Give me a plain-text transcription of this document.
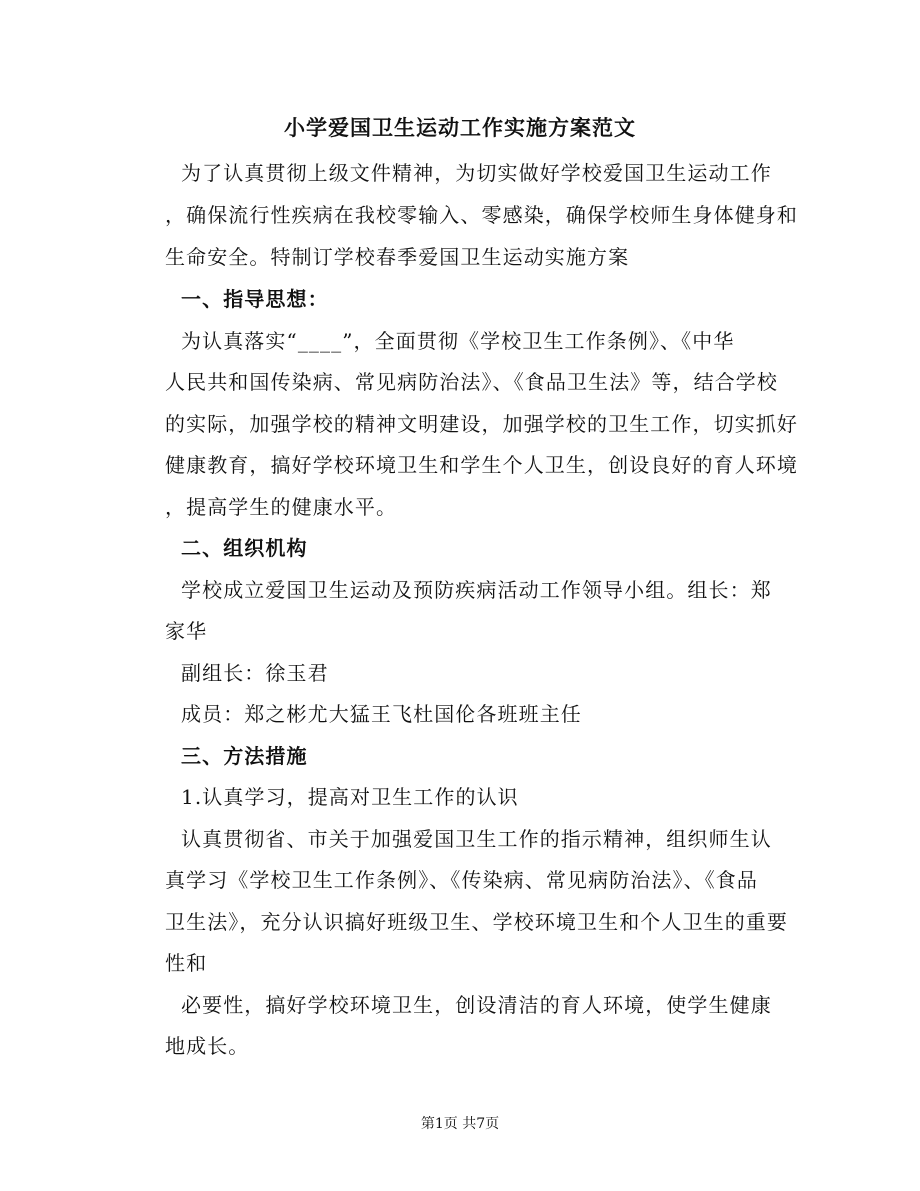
小学爱国卫生运动工作实施方案范文
为了认真贯彻上级文件精神，为切实做好学校爱国卫生运动工作
，确保流行性疾病在我校零输入、零感染，确保学校师生身体健身和
生命安全。特制订学校春季爱国卫生运动实施方案
一、指导思想：
为认真落实“____”，全面贯彻《学校卫生工作条例》、《中华
人民共和国传染病、常见病防治法》、《食品卫生法》等，结合学校
的实际，加强学校的精神文明建设，加强学校的卫生工作，切实抓好
健康教育，搞好学校环境卫生和学生个人卫生，创设良好的育人环境
，提高学生的健康水平。
二、组织机构
学校成立爱国卫生运动及预防疾病活动工作领导小组。组长：郑
家华
副组长：徐玉君
成员：郑之彬尤大猛王飞杜国伦各班班主任
三、方法措施
1.认真学习，提高对卫生工作的认识
认真贯彻省、市关于加强爱国卫生工作的指示精神，组织师生认
真学习《学校卫生工作条例》、《传染病、常见病防治法》、《食品
卫生法》，充分认识搞好班级卫生、学校环境卫生和个人卫生的重要
性和
必要性，搞好学校环境卫生，创设清洁的育人环境，使学生健康
地成长。
第1页 共7页
